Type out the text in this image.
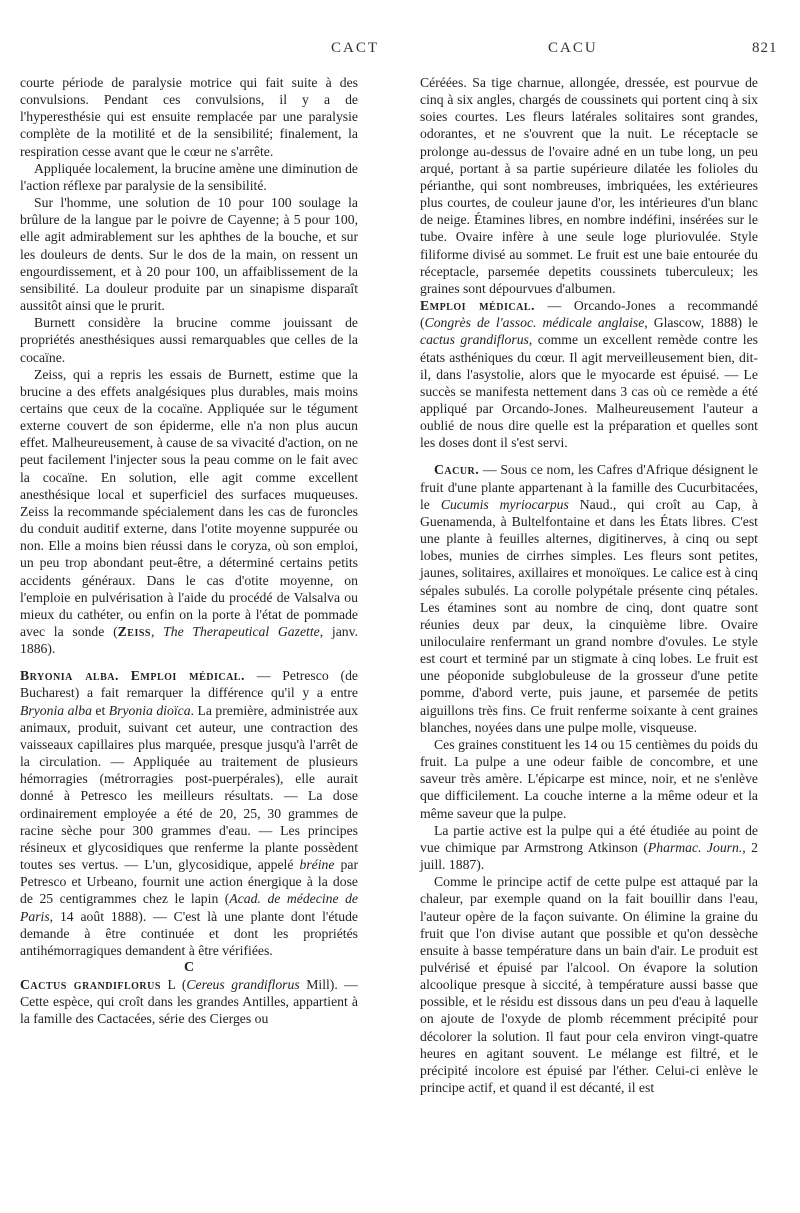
CACT	CACU	821

courte période de paralysie motrice qui fait suite à des convulsions. Pendant ces convulsions, il y a de l'hyperesthésie qui est ensuite remplacée par une paralysie complète de la motilité et de la sensibilité; finalement, la respiration cesse avant que le cœur ne s'arrête.

Appliquée localement, la brucine amène une diminution de l'action réflexe par paralysie de la sensibilité.

Sur l'homme, une solution de 10 pour 100 soulage la brûlure de la langue par le poivre de Cayenne; à 5 pour 100, elle agit admirablement sur les aphthes de la bouche, et sur les douleurs de dents. Sur le dos de la main, on ressent un engourdissement, et à 20 pour 100, un affaiblissement de la sensibilité. La douleur produite par un sinapisme disparaît aussitôt ainsi que le prurit.

Burnett considère la brucine comme jouissant de propriétés anesthésiques aussi remarquables que celles de la cocaïne.

Zeiss, qui a repris les essais de Burnett, estime que la brucine a des effets analgésiques plus durables, mais moins certains que ceux de la cocaïne. Appliquée sur le tégument externe couvert de son épiderme, elle n'a non plus aucun effet. Malheureusement, à cause de sa vivacité d'action, on ne peut facilement l'injecter sous la peau comme on le fait avec la cocaïne. En solution, elle agit comme excellent anesthésique local et superficiel des surfaces muqueuses. Zeiss la recommande spécialement dans les cas de furoncles du conduit auditif externe, dans l'otite moyenne suppurée ou non. Elle a moins bien réussi dans le coryza, où son emploi, un peu trop abondant peut-être, a déterminé certains petits accidents généraux. Dans le cas d'otite moyenne, on l'emploie en pulvérisation à l'aide du procédé de Valsalva ou mieux du cathéter, ou enfin on la porte à l'état de pommade avec la sonde (Zeiss, The Therapeutical Gazette, janv. 1886).

Bryonia alba. Emploi médical. — Petresco (de Bucharest) a fait remarquer la différence qu'il y a entre Bryonia alba et Bryonia dioïca. La première, administrée aux animaux, produit, suivant cet auteur, une contraction des vaisseaux capillaires plus marquée, presque jusqu'à l'arrêt de la circulation. — Appliquée au traitement de plusieurs hémorragies (métrorragies post-puerpérales), elle aurait donné à Petresco les meilleurs résultats. — La dose ordinairement employée a été de 20, 25, 30 grammes de racine sèche pour 300 grammes d'eau. — Les principes résineux et glycosidiques que renferme la plante possèdent toutes ses vertus. — L'un, glycosidique, appelé bréine par Petresco et Urbeano, fournit une action énergique à la dose de 25 centigrammes chez le lapin (Acad. de médecine de Paris, 14 août 1888). — C'est là une plante dont l'étude demande à être continuée et dont les propriétés antihémorragiques demandent à être vérifiées.

C

Cactus grandiflorus L (Cereus grandiflorus Mill). — Cette espèce, qui croît dans les grandes Antilles, appartient à la famille des Cactacées, série des Cierges ou

Céréées. Sa tige charnue, allongée, dressée, est pourvue de cinq à six angles, chargés de coussinets qui portent cinq à six soies courtes. Les fleurs latérales solitaires sont grandes, odorantes, et ne s'ouvrent que la nuit. Le réceptacle se prolonge au-dessus de l'ovaire adné en un tube long, un peu arqué, portant à sa partie supérieure dilatée les folioles du périanthe, qui sont nombreuses, imbriquées, les extérieures plus courtes, de couleur jaune d'or, les intérieures d'un blanc de neige. Étamines libres, en nombre indéfini, insérées sur le tube. Ovaire infère à une seule loge pluriovulée. Style filiforme divisé au sommet. Le fruit est une baie entourée du réceptacle, parsemée depetits coussinets tuberculeux; les graines sont dépourvues d'albumen.

Emploi médical. — Orcando-Jones a recommandé (Congrès de l'assoc. médicale anglaise, Glascow, 1888) le cactus grandiflorus, comme un excellent remède contre les états asthéniques du cœur. Il agit merveilleusement bien, dit-il, dans l'asystolie, alors que le myocarde est épuisé. — Le succès se manifesta nettement dans 3 cas où ce remède a été appliqué par Orcando-Jones. Malheureusement l'auteur a oublié de nous dire quelle est la préparation et quelles sont les doses dont il s'est servi.

Cacur. — Sous ce nom, les Cafres d'Afrique désignent le fruit d'une plante appartenant à la famille des Cucurbitacées, le Cucumis myriocarpus Naud., qui croît au Cap, à Guenamenda, à Bultelfontaine et dans les États libres. C'est une plante à feuilles alternes, digitinerves, à cinq ou sept lobes, munies de cirrhes simples. Les fleurs sont petites, jaunes, solitaires, axillaires et monoïques. Le calice est à cinq sépales subulés. La corolle polypétale présente cinq pétales. Les étamines sont au nombre de cinq, dont quatre sont réunies deux par deux, la cinquième libre. Ovaire uniloculaire renfermant un grand nombre d'ovules. Le style est court et terminé par un stigmate à cinq lobes. Le fruit est une péoponide subglobuleuse de la grosseur d'une petite pomme, d'abord verte, puis jaune, et parsemée de petits aiguillons très fins. Ce fruit renferme soixante à cent graines blanches, noyées dans une pulpe molle, visqueuse.

Ces graines constituent les 14 ou 15 centièmes du poids du fruit. La pulpe a une odeur faible de concombre, et une saveur très amère. L'épicarpe est mince, noir, et ne s'enlève que difficilement. La couche interne a la même odeur et la même saveur que la pulpe.

La partie active est la pulpe qui a été étudiée au point de vue chimique par Armstrong Atkinson (Pharmac. Journ., 2 juill. 1887).

Comme le principe actif de cette pulpe est attaqué par la chaleur, par exemple quand on la fait bouillir dans l'eau, l'auteur opère de la façon suivante. On élimine la graine du fruit que l'on divise autant que possible et qu'on dessèche ensuite à basse température dans un bain d'air. Le produit est pulvérisé et épuisé par l'alcool. On évapore la solution alcoolique presque à siccité, à température aussi basse que possible, et le résidu est dissous dans un peu d'eau à laquelle on ajoute de l'oxyde de plomb récemment précipité pour décolorer la solution. Il faut pour cela environ vingt-quatre heures en agitant souvent. Le mélange est filtré, et le précipité incolore est épuisé par l'éther. Celui-ci enlève le principe actif, et quand il est décanté, il est
